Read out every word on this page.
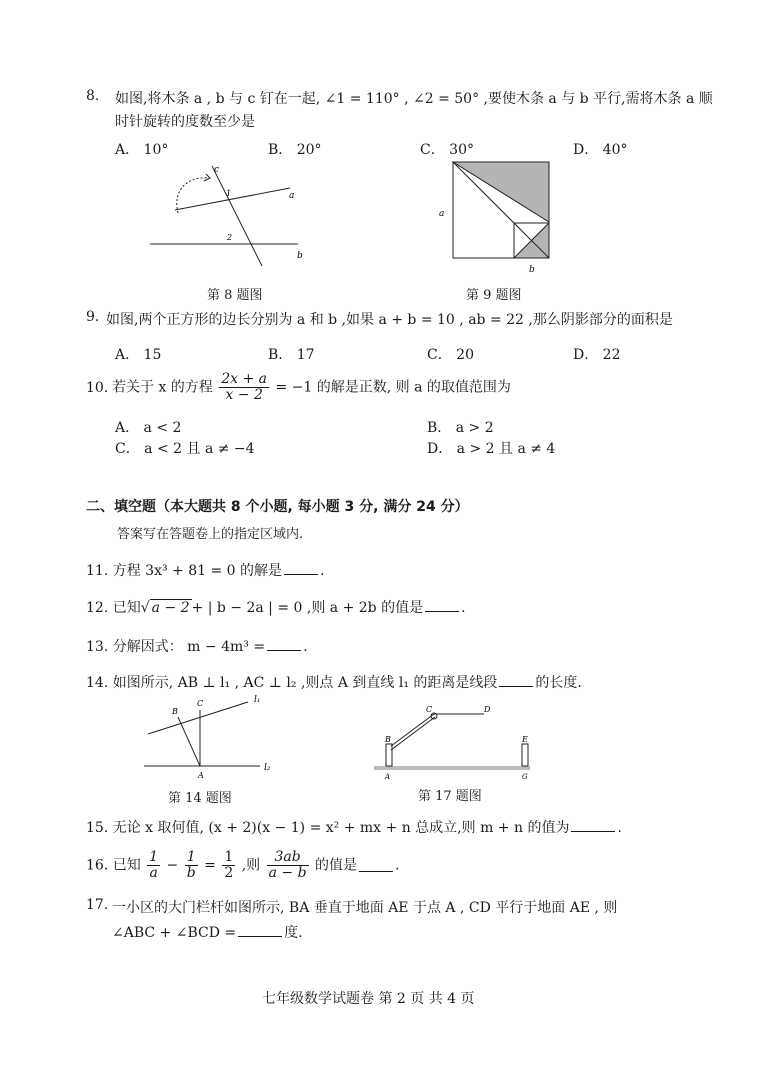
8. 如图,将木条 a , b 与 c 钉在一起, ∠1 = 110° , ∠2 = 50° ,要使木条 a 与 b 平行,需将木条 a 顺
时针旋转的度数至少是
A． 10°	B． 20°	C． 30°	D． 40°
c
a
b
1
2
第 8 题图
a
b
第 9 题图
9. 如图,两个正方形的边长分别为 a 和 b ,如果 a + b = 10 , ab = 22 ,那么阴影部分的面积是
A． 15	B． 17	C． 20	D． 22
10. 若关于 x 的方程 $\frac{2x + a}{x - 2} = -1$ 的解是正数, 则 a 的取值范围为
A． a < 2	B． a > 2
C． a < 2 且 a ≠ −4	D． a > 2 且 a ≠ 4
二、填空题（本大题共 8 个小题, 每小题 3 分, 满分 24 分）
答案写在答题卷上的指定区域内.
11. 方程 3x³ + 81 = 0 的解是	.
12. 已知√ a − 2 + | b − 2a | = 0 ,则 a + 2b 的值是	.
13. 分解因式： m − 4m³ =	.
14. 如图所示, AB ⊥ l₁ , AC ⊥ l₂ ,则点 A 到直线 l₁ 的距离是线段	的长度.
l₁
l₂
B
C
A
第 14 题图
C	D
B	E
A	G
第 17 题图
15. 无论 x 取何值, (x + 2)(x − 1) = x² + mx + n 总成立,则 m + n 的值为	.
16. 已知 $\frac{1}{a} - \frac{1}{b} = \frac{1}{2}$ ,则 $\frac{3ab}{a - b}$ 的值是	.
17. 一小区的大门栏杆如图所示, BA 垂直于地面 AE 于点 A , CD 平行于地面 AE , 则
∠ABC + ∠BCD =	度.
七年级数学试题卷 第 2 页 共 4 页
